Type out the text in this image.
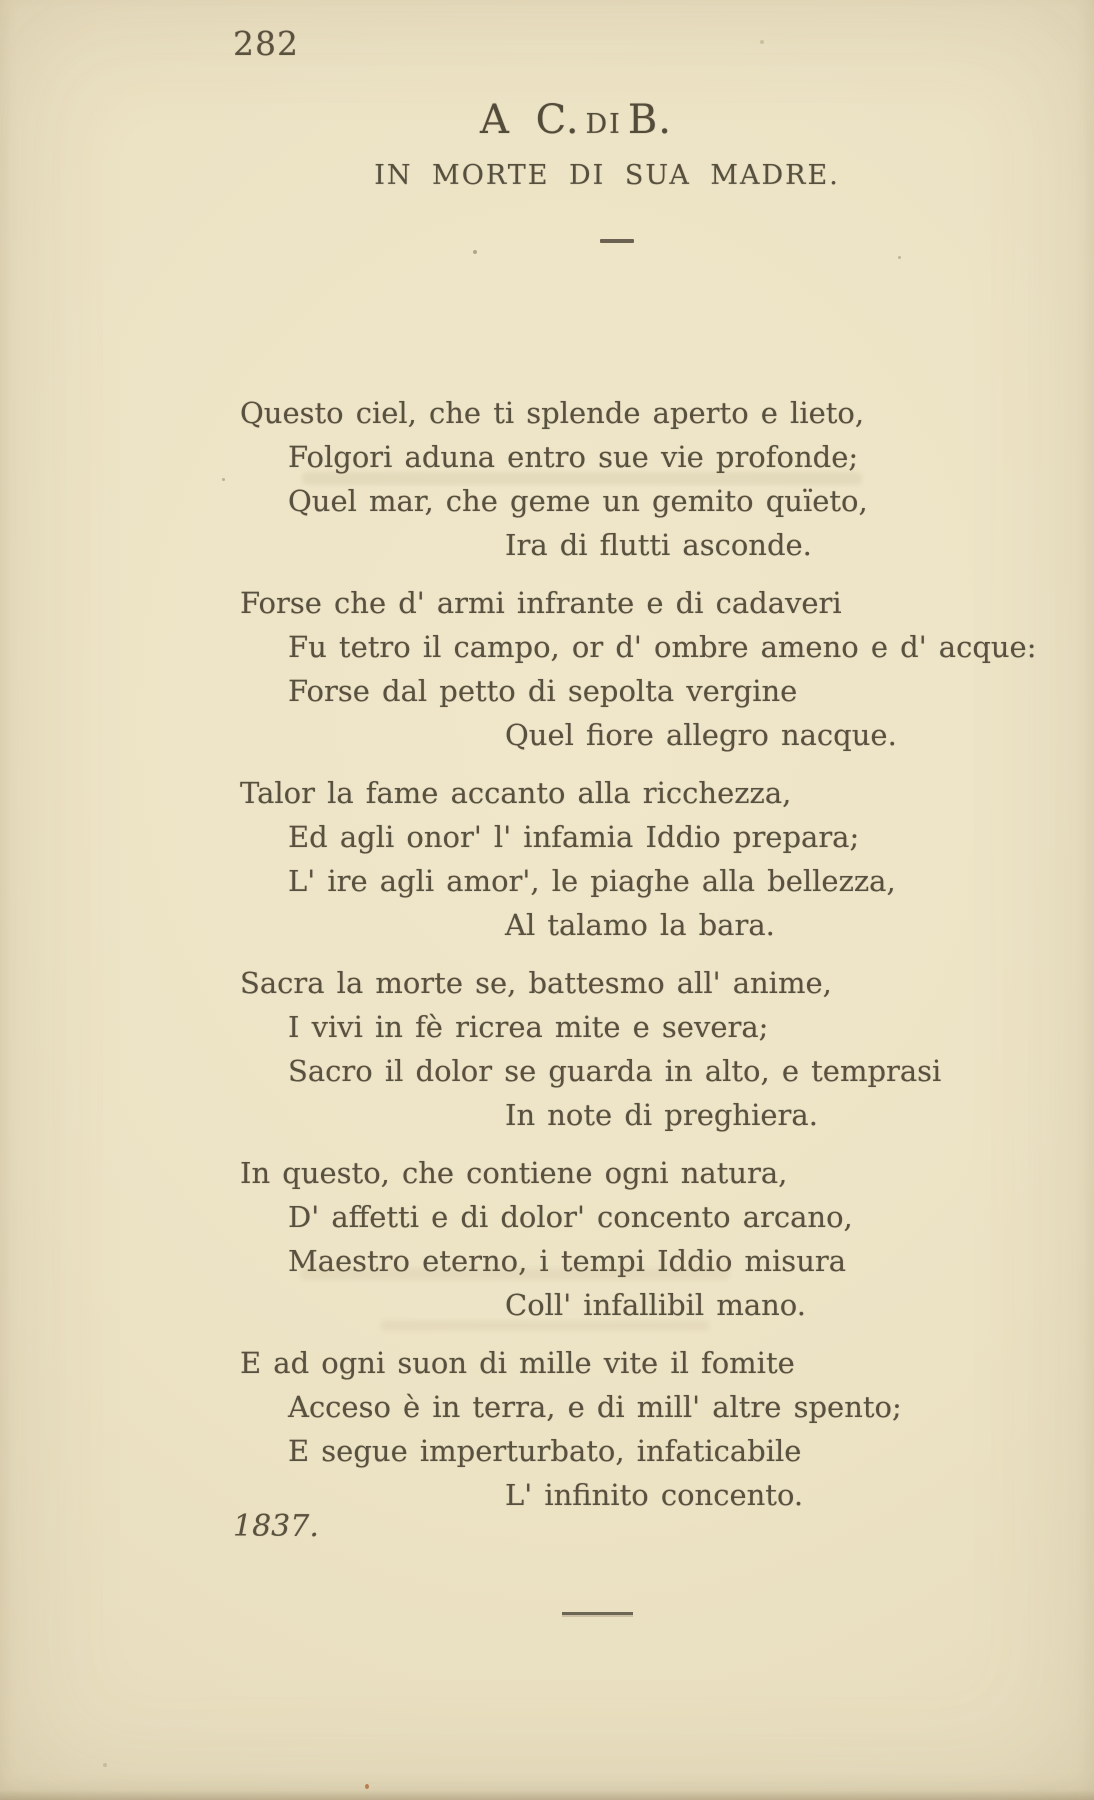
282
A C. DI B.
IN MORTE DI SUA MADRE.
Questo ciel, che ti splende aperto e lieto,
Folgori aduna entro sue vie profonde;
Quel mar, che geme un gemito quïeto,
Ira di flutti asconde.
Forse che d' armi infrante e di cadaveri
Fu tetro il campo, or d' ombre ameno e d' acque:
Forse dal petto di sepolta vergine
Quel fiore allegro nacque.
Talor la fame accanto alla ricchezza,
Ed agli onor' l' infamia Iddio prepara;
L' ire agli amor', le piaghe alla bellezza,
Al talamo la bara.
Sacra la morte se, battesmo all' anime,
I vivi in fè ricrea mite e severa;
Sacro il dolor se guarda in alto, e temprasi
In note di preghiera.
In questo, che contiene ogni natura,
D' affetti e di dolor' concento arcano,
Maestro eterno, i tempi Iddio misura
Coll' infallibil mano.
E ad ogni suon di mille vite il fomite
Acceso è in terra, e di mill' altre spento;
E segue imperturbato, infaticabile
L' infinito concento.
1837.
